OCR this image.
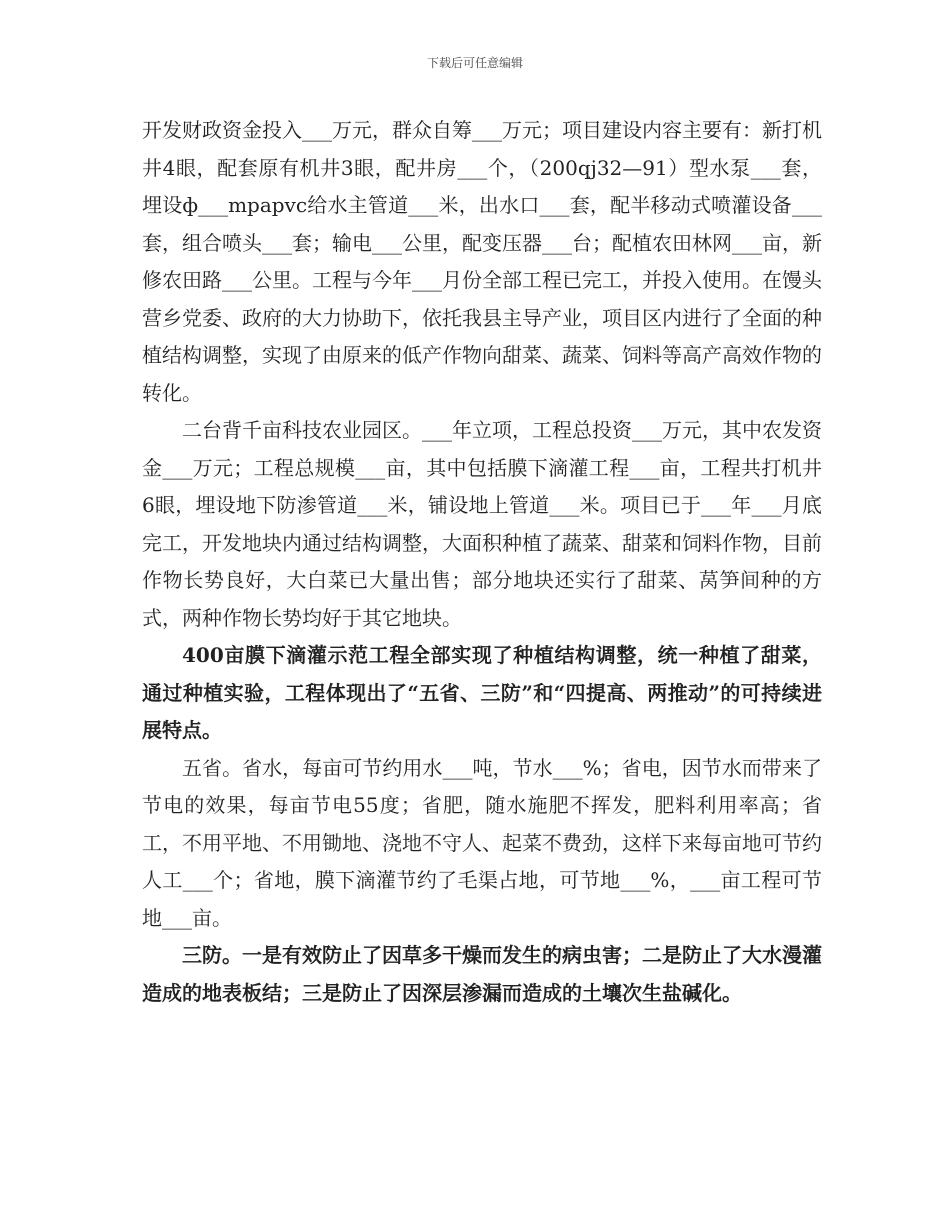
下载后可任意编辑

开发财政资金投入___万元，群众自筹___万元；项目建设内容主要有：新打机井4眼，配套原有机井3眼，配井房___个，（200qj32—91）型水泵___套，埋设ф___mpapvc给水主管道___米，出水口___套，配半移动式喷灌设备___套，组合喷头___套；输电___公里，配变压器___台；配植农田林网___亩，新修农田路___公里。工程与今年___月份全部工程已完工，并投入使用。在馒头营乡党委、政府的大力协助下，依托我县主导产业，项目区内进行了全面的种植结构调整，实现了由原来的低产作物向甜菜、蔬菜、饲料等高产高效作物的转化。

二台背千亩科技农业园区。___年立项，工程总投资___万元，其中农发资金___万元；工程总规模___亩，其中包括膜下滴灌工程___亩，工程共打机井6眼，埋设地下防渗管道___米，铺设地上管道___米。项目已于___年___月底完工，开发地块内通过结构调整，大面积种植了蔬菜、甜菜和饲料作物，目前作物长势良好，大白菜已大量出售；部分地块还实行了甜菜、莴笋间种的方式，两种作物长势均好于其它地块。

400亩膜下滴灌示范工程全部实现了种植结构调整，统一种植了甜菜，通过种植实验，工程体现出了“五省、三防”和“四提高、两推动”的可持续进展特点。

五省。省水，每亩可节约用水___吨，节水___%；省电，因节水而带来了节电的效果，每亩节电55度；省肥，随水施肥不挥发，肥料利用率高；省工，不用平地、不用锄地、浇地不守人、起菜不费劲，这样下来每亩地可节约人工___个；省地，膜下滴灌节约了毛渠占地，可节地___%，___亩工程可节地___亩。

三防。一是有效防止了因草多干燥而发生的病虫害；二是防止了大水漫灌造成的地表板结；三是防止了因深层渗漏而造成的土壤次生盐碱化。
